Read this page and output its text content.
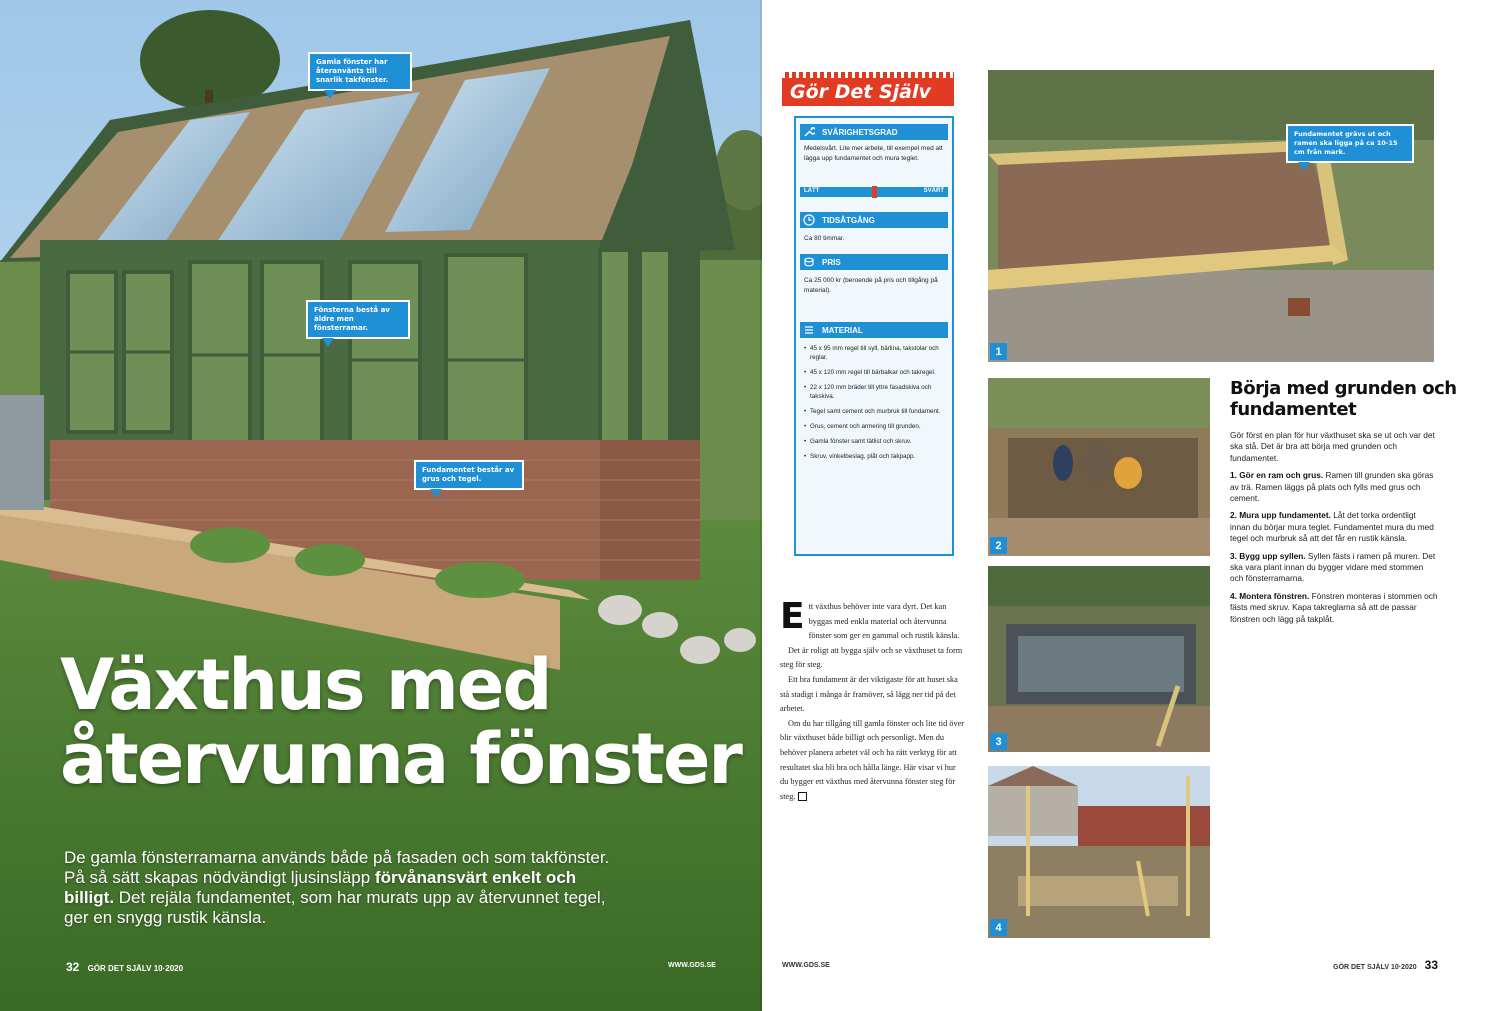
Gamla fönster har återanvänts till snarlik takfönster.
Fönsterna bestå av äldre men fönsterramar.
Fundamentet består av grus och tegel.
Växthus med
återvunna fönster
De gamla fönsterramarna används både på fasaden och som takfönster. På så sätt skapas nödvändigt ljusinsläpp förvånansvärt enkelt och billigt. Det rejäla fundamentet, som har murats upp av återvunnet tegel, ger en snygg rustik känsla.
32 GÖR DET SJÄLV 10·2020	WWW.GDS.SE
Gör Det Själv
SVÅRIGHETSGRAD
Medelsvårt. Lite mer arbete, till exempel med att lägga upp fundamentet och mura teglet.
LÄTT	SVÅRT
TIDSÅTGÅNG
Ca 80 timmar.
PRIS
Ca 25 000 kr (beroende på pris och tillgång på material).
MATERIAL
• 45 x 95 mm regel till syll, bärlina, takstolar och reglar.
• 45 x 120 mm regel till bärbalkar och takregel.
• 22 x 120 mm bräder till yttre fasadskiva och takskiva.
• Tegel samt cement och murbruk till fundament.
• Grus, cement och armering till grunden.
• Gamla fönster samt tätlist och skruv.
• Skruv, vinkelbeslag, plåt och takpapp.

Ett växthus behöver inte vara dyrt. Det kan byggas med enkla material och återvunna fönster som ger en gammal och rustik känsla.

Det är roligt att bygga själv och se växthuset ta form steg för steg.

Ett bra fundament är det viktigaste för att huset ska stå stadigt i många år framöver, så lägg ner tid på det arbetet.

Om du har tillgång till gamla fönster och lite tid över blir växthuset både billigt och personligt. Men du behöver planera arbetet väl och ha rätt verktyg för att resultatet ska bli bra och hålla länge. Här visar vi hur du bygger ett växthus med återvunna fönster steg för steg.

Fundamentet grävs ut och ramen ska ligga på ca 10-15 cm från mark.
1
2
3
4
Börja med grunden och fundamentet

Gör först en plan för hur växthuset ska se ut och var det ska stå. Det är bra att börja med grunden och fundamentet.

1. Gör en ram och grus. Ramen till grunden ska göras av trä. Ramen läggs på plats och fylls med grus och cement.

2. Mura upp fundamentet. Låt det torka ordentligt innan du börjar mura teglet. Fundamentet mura du med tegel och murbruk så att det får en rustik känsla.

3. Bygg upp syllen. Syllen fästs i ramen på muren. Det ska vara plant innan du bygger vidare med stommen och fönsterramarna.

4. Montera fönstren. Fönstren monteras i stommen och fästs med skruv. Kapa takreglarna så att de passar fönstren och lägg på takplåt.

WWW.GDS.SE	GÖR DET SJÄLV 10·2020 33
